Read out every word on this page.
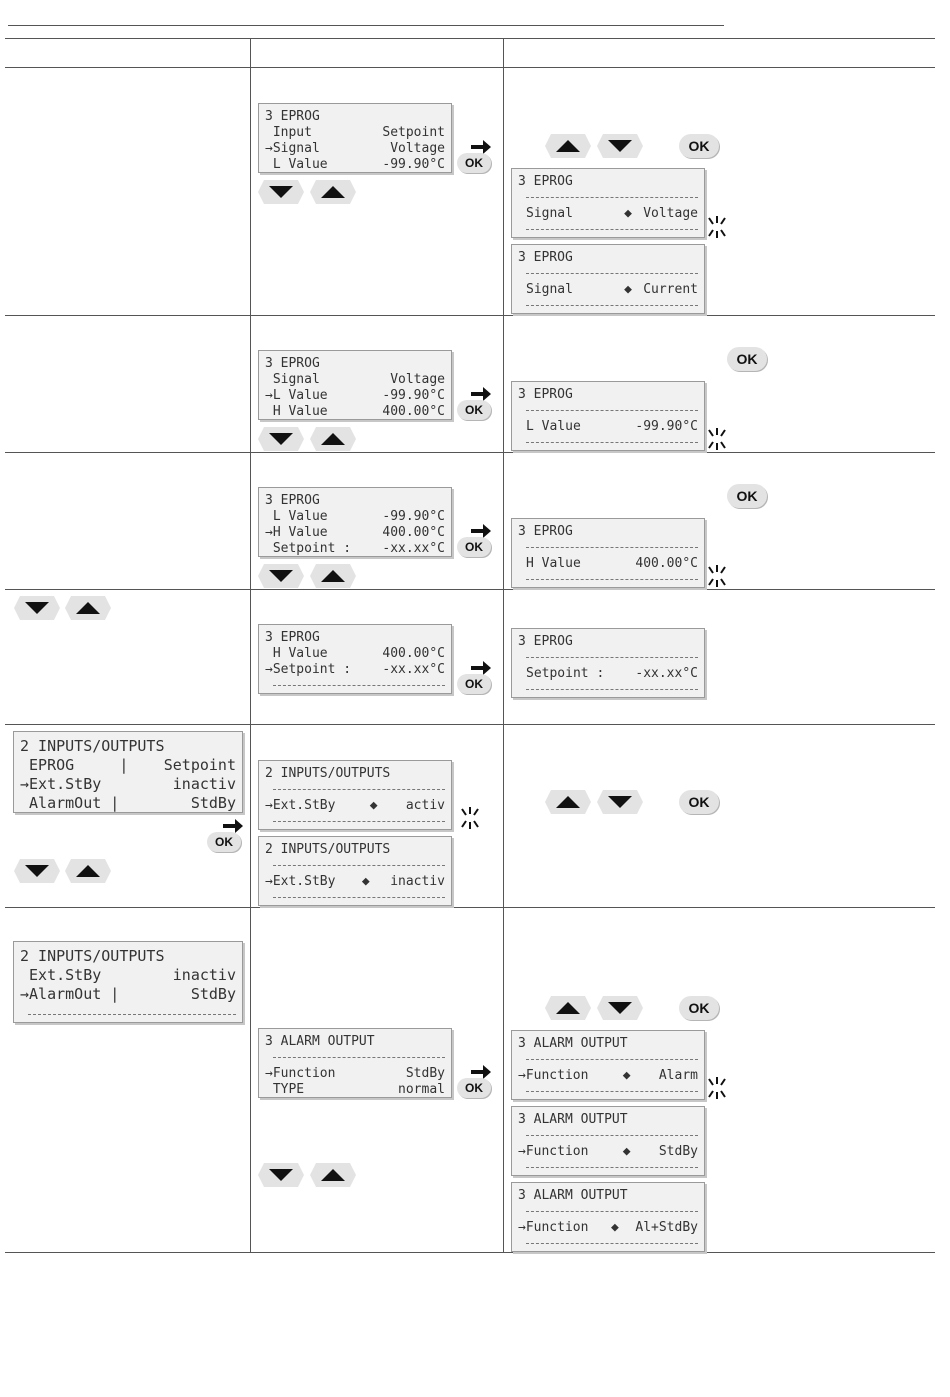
3 EPROG
Input	Setpoint
→Signal	Voltage
L Value	-99.90°C	OK
OK
3 EPROG
Signal	◆ Voltage
3 EPROG
Signal	◆ Current
3 EPROG
Signal	Voltage
→L Value	-99.90°C
H Value	400.00°C	OK
OK
3 EPROG
L Value	-99.90°C
3 EPROG
L Value	-99.90°C
→H Value	400.00°C
Setpoint : -xx.xx°C	OK
OK
3 EPROG
H Value	400.00°C
3 EPROG
H Value	400.00°C
→Setpoint : -xx.xx°C
OK
3 EPROG
Setpoint : -xx.xx°C
2 INPUTS/OUTPUTS
EPROG     | Setpoint
→Ext.StBy	inactiv
AlarmOut |	StdBy
OK
2 INPUTS/OUTPUTS
→Ext.StBy	◆ activ
2 INPUTS/OUTPUTS
→Ext.StBy ◆ inactiv
OK
2 INPUTS/OUTPUTS
Ext.StBy	inactiv
→AlarmOut |	StdBy
3 ALARM OUTPUT
→Function	StdBy
TYPE	normal	OK
OK
3 ALARM OUTPUT
→Function	◆ Alarm
3 ALARM OUTPUT
→Function	◆ StdBy
3 ALARM OUTPUT
→Function ◆ Al+StdBy
